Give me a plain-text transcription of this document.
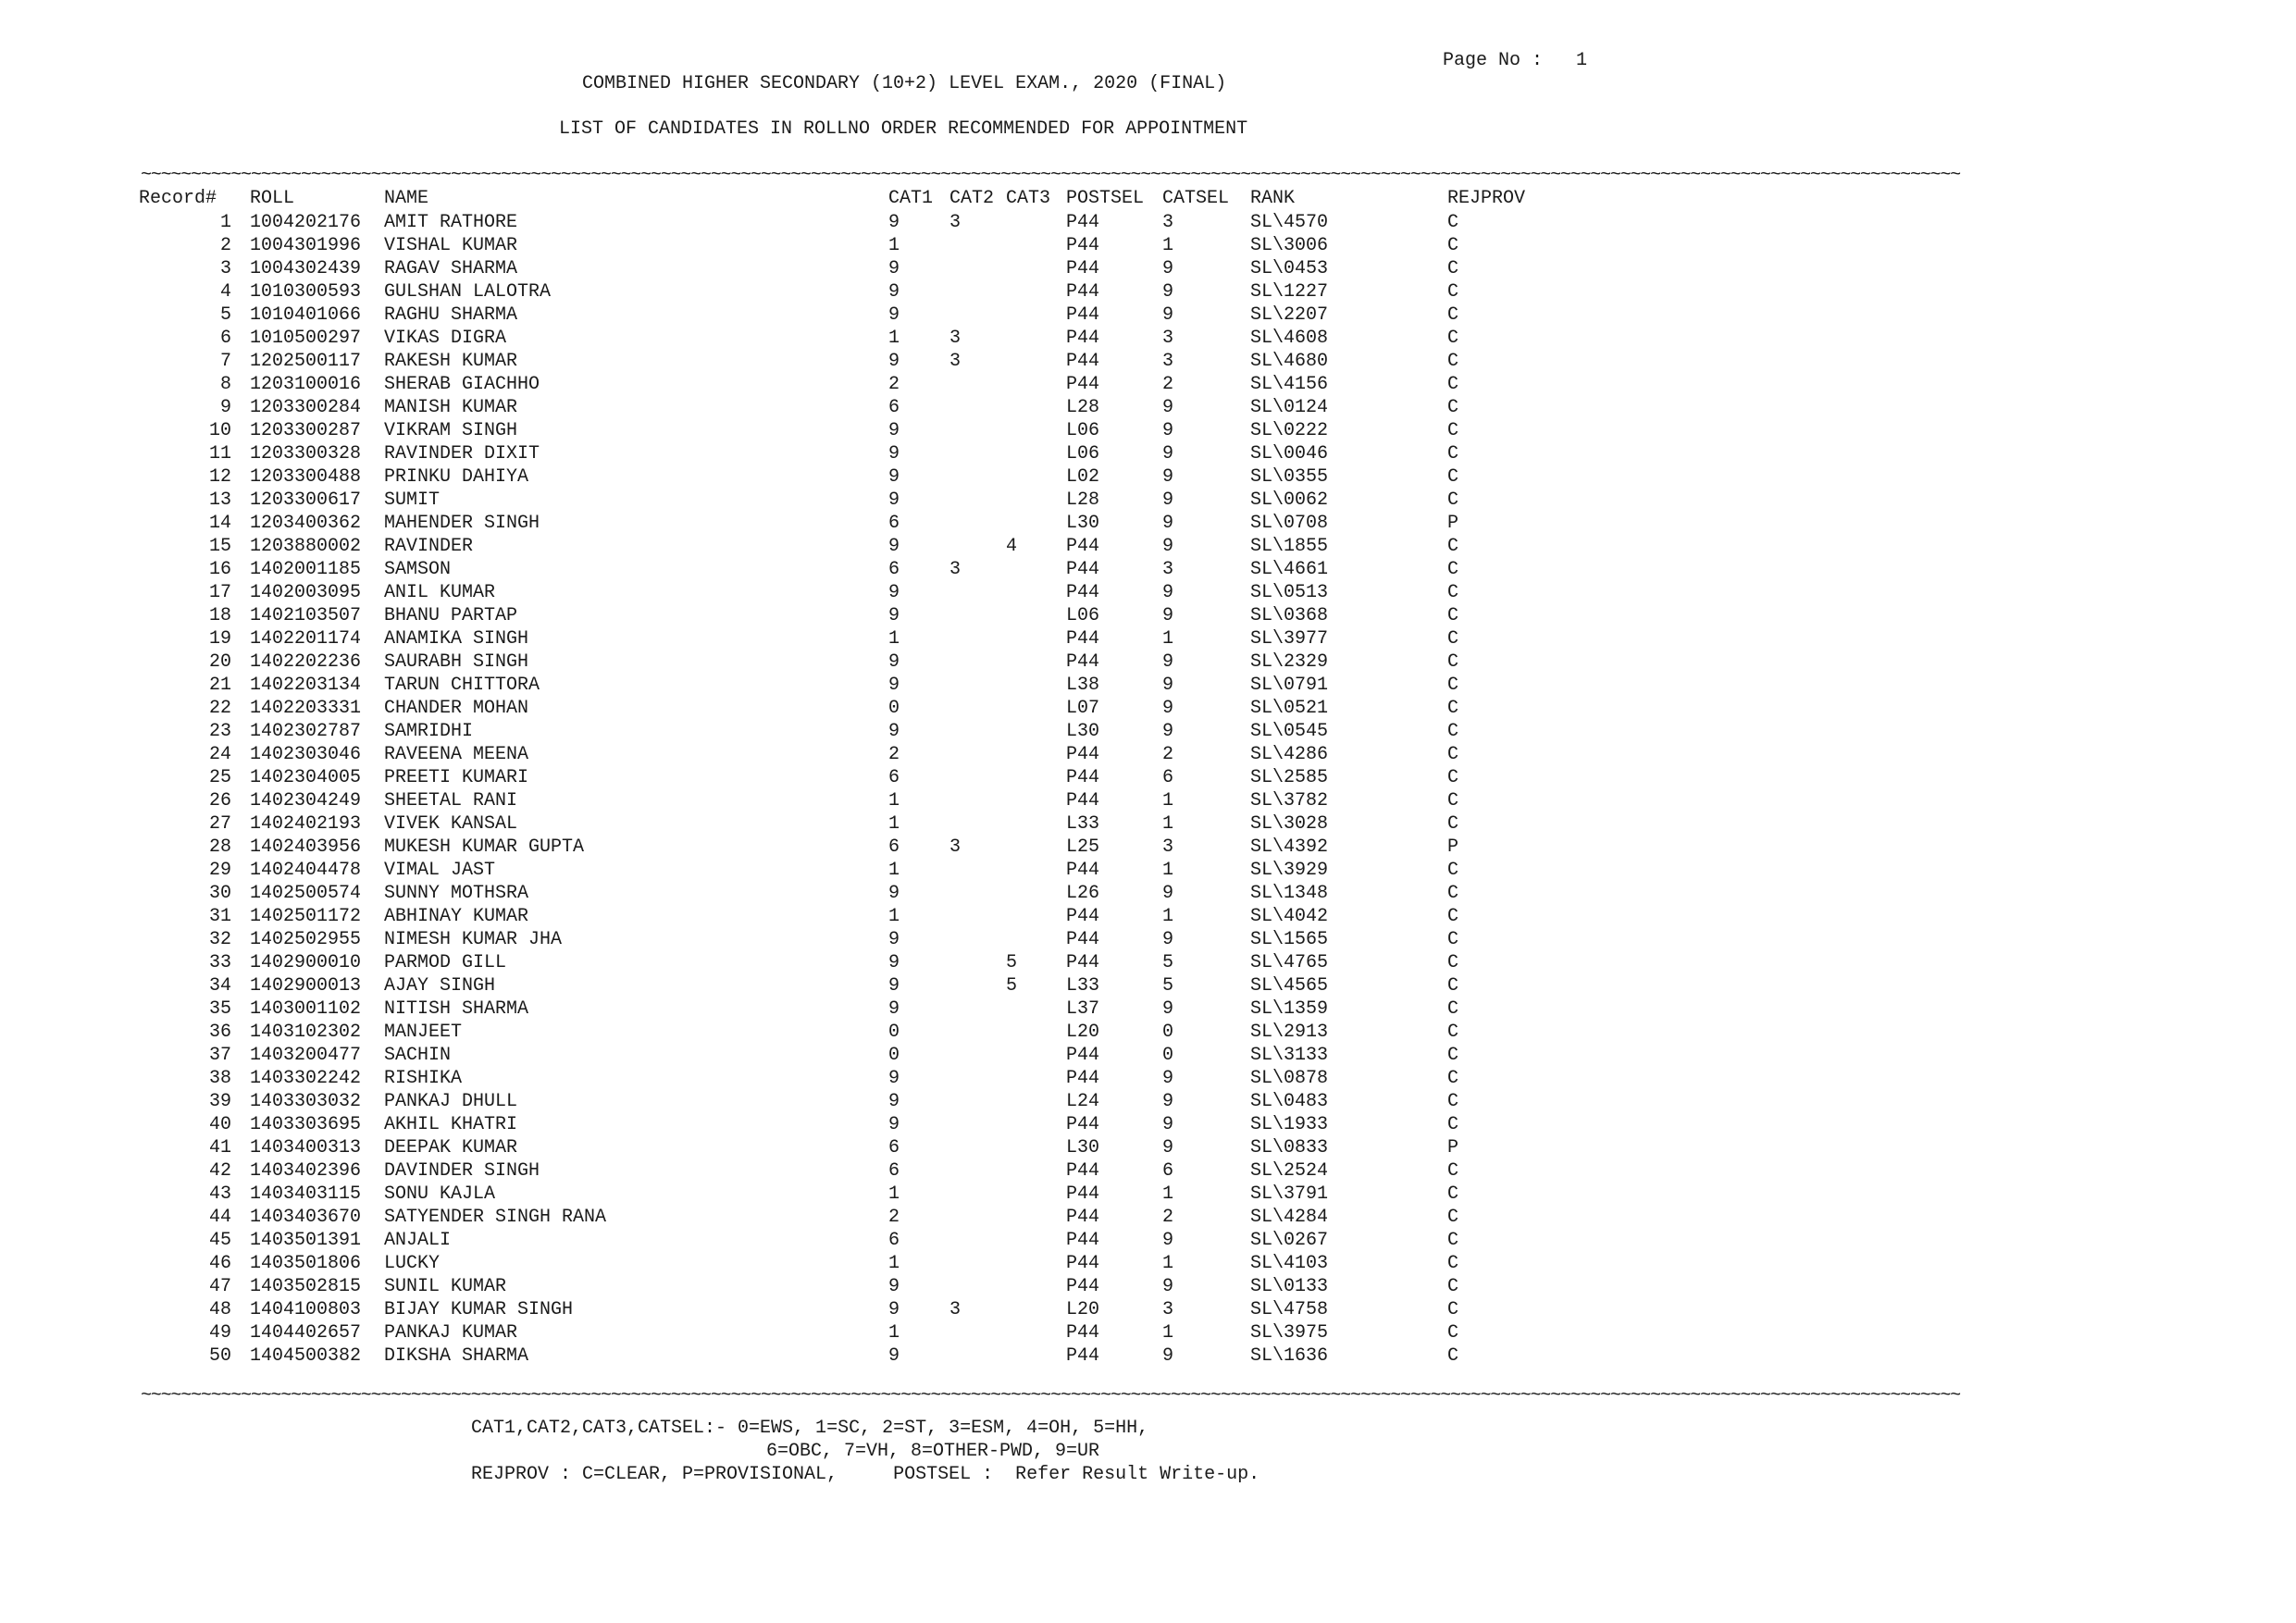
Page No :   1
COMBINED HIGHER SECONDARY (10+2) LEVEL EXAM., 2020 (FINAL)
LIST OF CANDIDATES IN ROLLNO ORDER RECOMMENDED FOR APPOINTMENT
~~~~~~~~~~~~~~~~~~~~~~~~~~~~~~~~~~~~~~~~~~~~~~~~~~~~~~~~~~~~~~~~~~~~~~~~~~~~~~~~~~~~~~~~~~~~~~~~~~~~~~~~~~~~~~~~~~~~~~~~~~~~~~~~~~~~~~~~~~~~~~~~~~~~~~~~~~~~~~~~~~~~~~~~~~~~~~~~~~~~~~
Record#	ROLL	NAME	CAT1	CAT2	CAT3	POSTSEL	CATSEL	RANK	REJPROV
1	1004202176	AMIT RATHORE	9	3		P44	3	SL\4570	C
2	1004301996	VISHAL KUMAR	1			P44	1	SL\3006	C
3	1004302439	RAGAV SHARMA	9			P44	9	SL\0453	C
4	1010300593	GULSHAN LALOTRA	9			P44	9	SL\1227	C
5	1010401066	RAGHU SHARMA	9			P44	9	SL\2207	C
6	1010500297	VIKAS DIGRA	1	3		P44	3	SL\4608	C
7	1202500117	RAKESH KUMAR	9	3		P44	3	SL\4680	C
8	1203100016	SHERAB GIACHHO	2			P44	2	SL\4156	C
9	1203300284	MANISH KUMAR	6			L28	9	SL\0124	C
10	1203300287	VIKRAM SINGH	9			L06	9	SL\0222	C
11	1203300328	RAVINDER DIXIT	9			L06	9	SL\0046	C
12	1203300488	PRINKU DAHIYA	9			L02	9	SL\0355	C
13	1203300617	SUMIT	9			L28	9	SL\0062	C
14	1203400362	MAHENDER SINGH	6			L30	9	SL\0708	P
15	1203880002	RAVINDER	9		4	P44	9	SL\1855	C
16	1402001185	SAMSON	6	3		P44	3	SL\4661	C
17	1402003095	ANIL KUMAR	9			P44	9	SL\0513	C
18	1402103507	BHANU PARTAP	9			L06	9	SL\0368	C
19	1402201174	ANAMIKA SINGH	1			P44	1	SL\3977	C
20	1402202236	SAURABH SINGH	9			P44	9	SL\2329	C
21	1402203134	TARUN CHITTORA	9			L38	9	SL\0791	C
22	1402203331	CHANDER MOHAN	0			L07	9	SL\0521	C
23	1402302787	SAMRIDHI	9			L30	9	SL\0545	C
24	1402303046	RAVEENA MEENA	2			P44	2	SL\4286	C
25	1402304005	PREETI KUMARI	6			P44	6	SL\2585	C
26	1402304249	SHEETAL RANI	1			P44	1	SL\3782	C
27	1402402193	VIVEK KANSAL	1			L33	1	SL\3028	C
28	1402403956	MUKESH KUMAR GUPTA	6	3		L25	3	SL\4392	P
29	1402404478	VIMAL JAST	1			P44	1	SL\3929	C
30	1402500574	SUNNY MOTHSRA	9			L26	9	SL\1348	C
31	1402501172	ABHINAY KUMAR	1			P44	1	SL\4042	C
32	1402502955	NIMESH KUMAR JHA	9			P44	9	SL\1565	C
33	1402900010	PARMOD GILL	9		5	P44	5	SL\4765	C
34	1402900013	AJAY SINGH	9		5	L33	5	SL\4565	C
35	1403001102	NITISH SHARMA	9			L37	9	SL\1359	C
36	1403102302	MANJEET	0			L20	0	SL\2913	C
37	1403200477	SACHIN	0			P44	0	SL\3133	C
38	1403302242	RISHIKA	9			P44	9	SL\0878	C
39	1403303032	PANKAJ DHULL	9			L24	9	SL\0483	C
40	1403303695	AKHIL KHATRI	9			P44	9	SL\1933	C
41	1403400313	DEEPAK KUMAR	6			L30	9	SL\0833	P
42	1403402396	DAVINDER SINGH	6			P44	6	SL\2524	C
43	1403403115	SONU KAJLA	1			P44	1	SL\3791	C
44	1403403670	SATYENDER SINGH RANA	2			P44	2	SL\4284	C
45	1403501391	ANJALI	6			P44	9	SL\0267	C
46	1403501806	LUCKY	1			P44	1	SL\4103	C
47	1403502815	SUNIL KUMAR	9			P44	9	SL\0133	C
48	1404100803	BIJAY KUMAR SINGH	9	3		L20	3	SL\4758	C
49	1404402657	PANKAJ KUMAR	1			P44	1	SL\3975	C
50	1404500382	DIKSHA SHARMA	9			P44	9	SL\1636	C
~~~~~~~~~~~~~~~~~~~~~~~~~~~~~~~~~~~~~~~~~~~~~~~~~~~~~~~~~~~~~~~~~~~~~~~~~~~~~~~~~~~~~~~~~~~~~~~~~~~~~~~~~~~~~~~~~~~~~~~~~~~~~~~~~~~~~~~~~~~~~~~~~~~~~~~~~~~~~~~~~~~~~~~~~~~~~~~~~~~~~~
CAT1,CAT2,CAT3,CATSEL:- 0=EWS, 1=SC, 2=ST, 3=ESM, 4=OH, 5=HH,
6=OBC, 7=VH, 8=OTHER-PWD, 9=UR
REJPROV : C=CLEAR, P=PROVISIONAL,     POSTSEL :  Refer Result Write-up.
